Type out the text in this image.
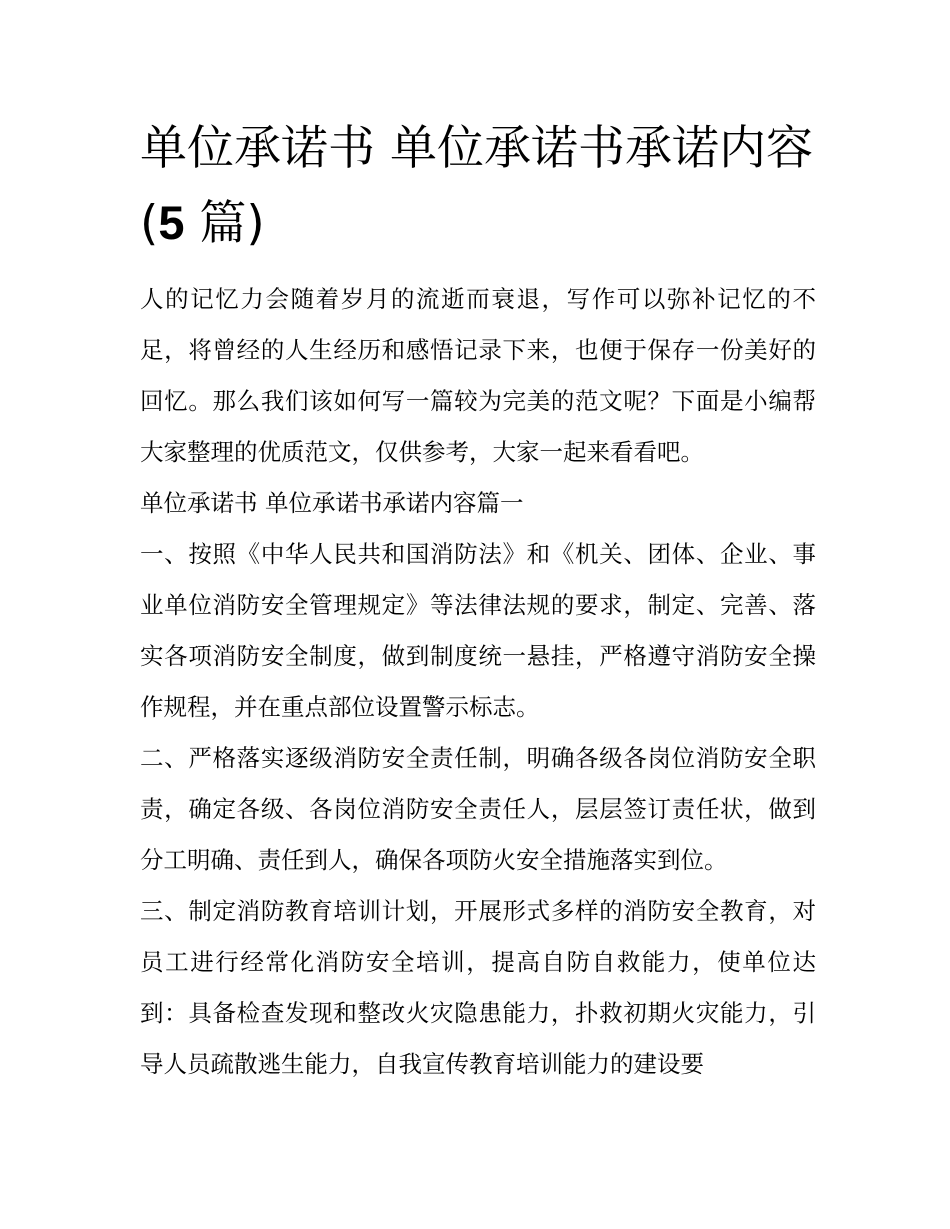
单位承诺书 单位承诺书承诺内容(5 篇)

人的记忆力会随着岁月的流逝而衰退，写作可以弥补记忆的不足，将曾经的人生经历和感悟记录下来，也便于保存一份美好的回忆。那么我们该如何写一篇较为完美的范文呢？下面是小编帮大家整理的优质范文，仅供参考，大家一起来看看吧。

单位承诺书 单位承诺书承诺内容篇一

一、按照《中华人民共和国消防法》和《机关、团体、企业、事业单位消防安全管理规定》等法律法规的要求，制定、完善、落实各项消防安全制度，做到制度统一悬挂，严格遵守消防安全操作规程，并在重点部位设置警示标志。

二、严格落实逐级消防安全责任制，明确各级各岗位消防安全职责，确定各级、各岗位消防安全责任人，层层签订责任状，做到分工明确、责任到人，确保各项防火安全措施落实到位。

三、制定消防教育培训计划，开展形式多样的消防安全教育，对员工进行经常化消防安全培训，提高自防自救能力，使单位达到：具备检查发现和整改火灾隐患能力，扑救初期火灾能力，引导人员疏散逃生能力，自我宣传教育培训能力的建设要
